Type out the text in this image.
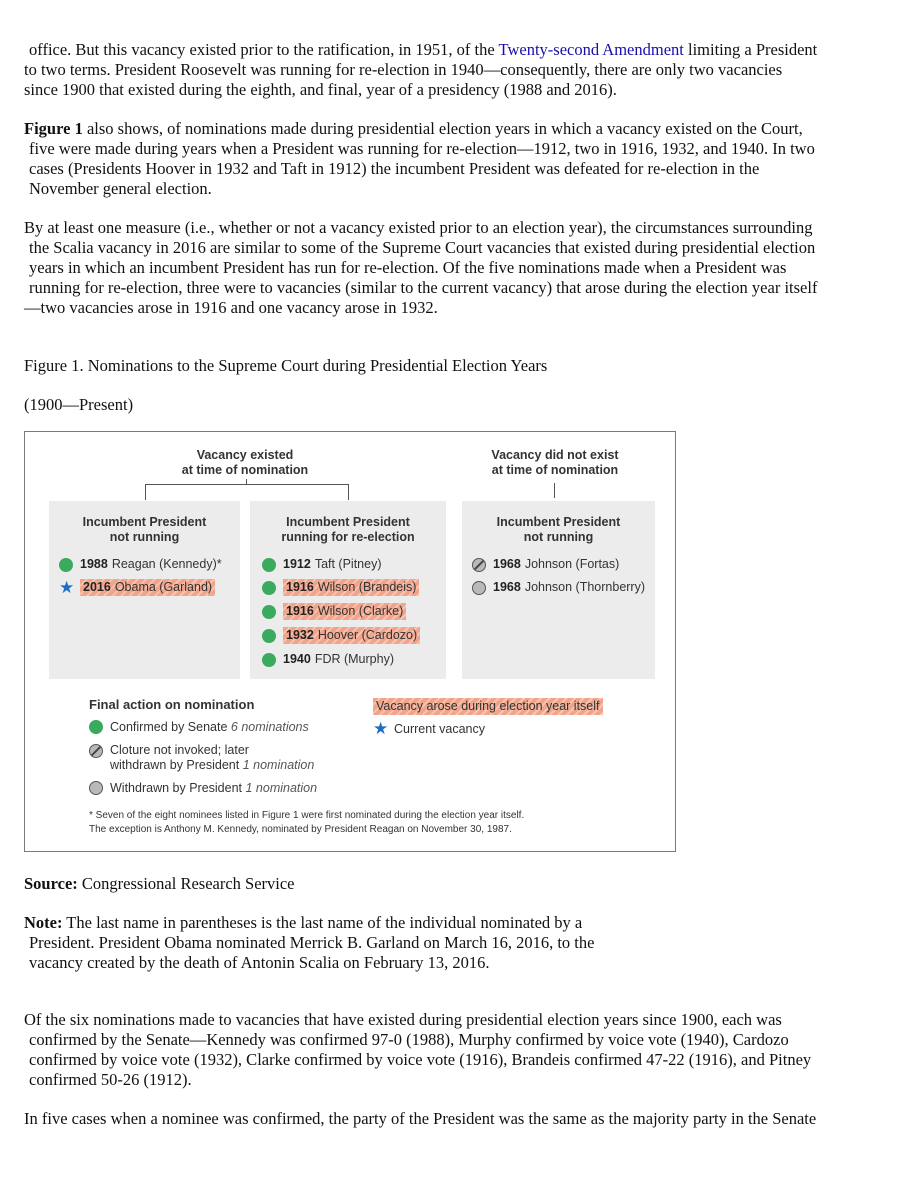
office. But this vacancy existed prior to the ratification, in 1951, of the Twenty-second Amendment limiting a President
to two terms. President Roosevelt was running for re-election in 1940—consequently, there are only two vacancies
since 1900 that existed during the eighth, and final, year of a presidency (1988 and 2016).

Figure 1 also shows, of nominations made during presidential election years in which a vacancy existed on the Court,
five were made during years when a President was running for re-election—1912, two in 1916, 1932, and 1940. In two
cases (Presidents Hoover in 1932 and Taft in 1912) the incumbent President was defeated for re-election in the
November general election.

By at least one measure (i.e., whether or not a vacancy existed prior to an election year), the circumstances surrounding
the Scalia vacancy in 2016 are similar to some of the Supreme Court vacancies that existed during presidential election
years in which an incumbent President has run for re-election. Of the five nominations made when a President was
running for re-election, three were to vacancies (similar to the current vacancy) that arose during the election year itself
—two vacancies arose in 1916 and one vacancy arose in 1932.

Figure 1. Nominations to the Supreme Court during Presidential Election Years
(1900—Present)
Vacancy existed
at time of nomination
Vacancy did not exist
at time of nomination
Incumbent President
not running
1988 Reagan (Kennedy)*
★ 2016 Obama (Garland)
Incumbent President
running for re-election
1912 Taft (Pitney)
1916 Wilson (Brandeis)
1916 Wilson (Clarke)
1932 Hoover (Cardozo)
1940 FDR (Murphy)
Incumbent President
not running
1968 Johnson (Fortas)
1968 Johnson (Thornberry)
Final action on nomination
Confirmed by Senate
6 nominations
Cloture not invoked; later
withdrawn by President 1 nomination
Withdrawn by President
1 nomination
Vacancy arose during election year itself
★ Current vacancy
* Seven of the eight nominees listed in Figure 1 were first nominated during the election year itself.
The exception is Anthony M. Kennedy, nominated by President Reagan on November 30, 1987.
Source: Congressional Research Service

Note: The last name in parentheses is the last name of the individual nominated by a
President. President Obama nominated Merrick B. Garland on March 16, 2016, to the
vacancy created by the death of Antonin Scalia on February 13, 2016.

Of the six nominations made to vacancies that have existed during presidential election years since 1900, each was
confirmed by the Senate—Kennedy was confirmed 97-0 (1988), Murphy confirmed by voice vote (1940), Cardozo
confirmed by voice vote (1932), Clarke confirmed by voice vote (1916), Brandeis confirmed 47-22 (1916), and Pitney
confirmed 50-26 (1912).

In five cases when a nominee was confirmed, the party of the President was the same as the majority party in the Senate
